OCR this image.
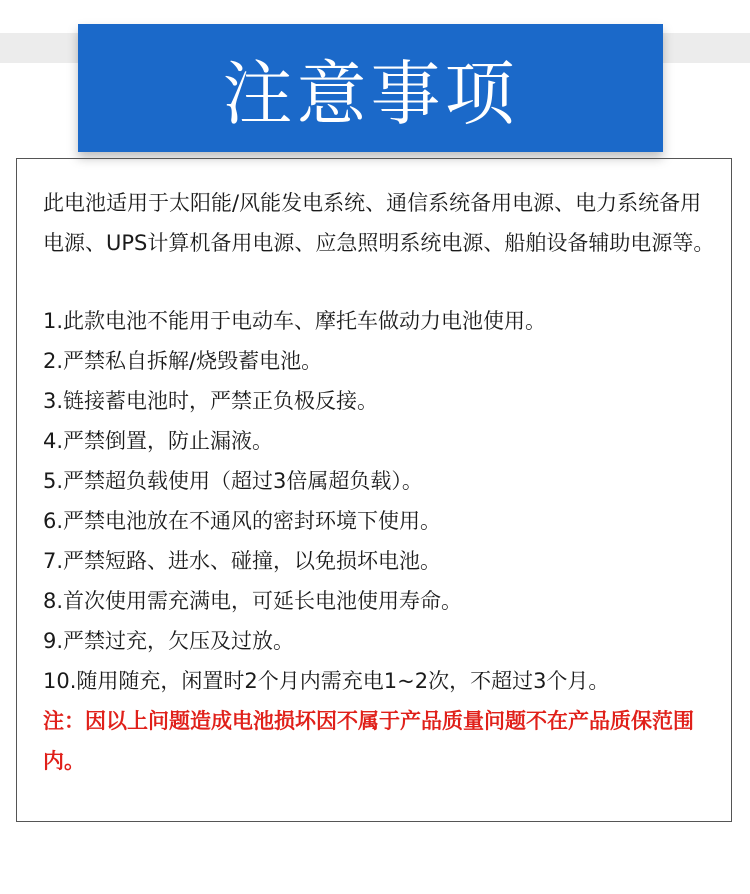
注意事项
此电池适用于太阳能/风能发电系统、通信系统备用电源、电力系统备用电源、UPS计算机备用电源、应急照明系统电源、船舶设备辅助电源等。
1.此款电池不能用于电动车、摩托车做动力电池使用。
2.严禁私自拆解/烧毁蓄电池。
3.链接蓄电池时，严禁正负极反接。
4.严禁倒置，防止漏液。
5.严禁超负载使用（超过3倍属超负载）。
6.严禁电池放在不通风的密封环境下使用。
7.严禁短路、进水、碰撞，以免损坏电池。
8.首次使用需充满电，可延长电池使用寿命。
9.严禁过充，欠压及过放。
10.随用随充，闲置时2个月内需充电1~2次，不超过3个月。
注：因以上问题造成电池损坏因不属于产品质量问题不在产品质保范围内。
